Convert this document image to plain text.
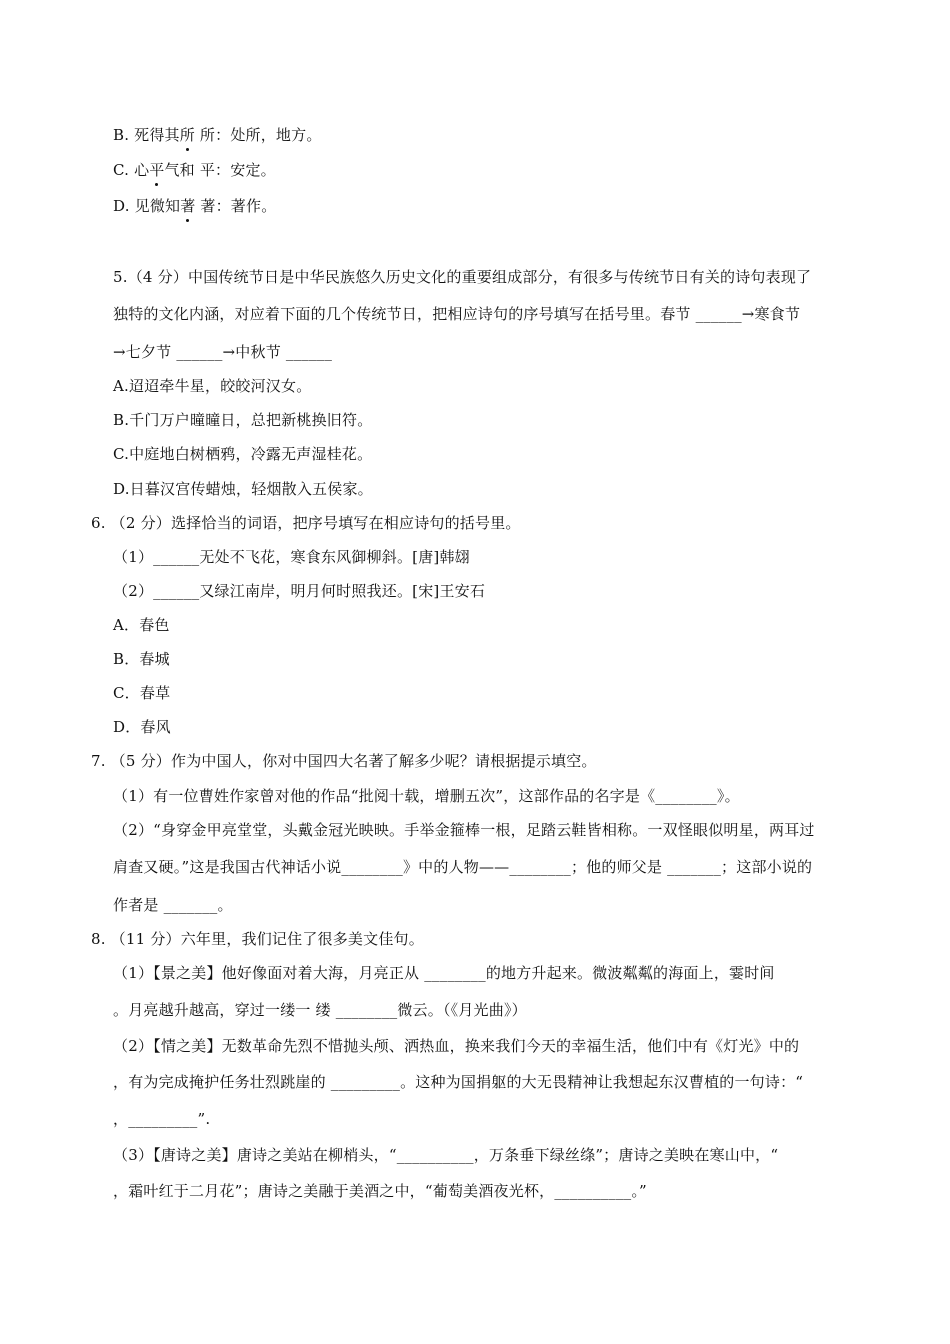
B. 死得其所 所：处所，地方。
C. 心平气和 平：安定。
D. 见微知著 著：著作。
5.（4 分）中国传统节日是中华民族悠久历史文化的重要组成部分，有很多与传统节日有关的诗句表现了
独特的文化内涵，对应着下面的几个传统节日，把相应诗句的序号填写在括号里。春节 ______→寒食节
→七夕节 ______→中秋节 ______
A.迢迢牵牛星，皎皎河汉女。
B.千门万户曈曈日，总把新桃换旧符。
C.中庭地白树栖鸦，冷露无声湿桂花。
D.日暮汉宫传蜡烛，轻烟散入五侯家。
6. （2 分）选择恰当的词语，把序号填写在相应诗句的括号里。
（1）______无处不飞花，寒食东风御柳斜。[唐]韩翃
（2）______又绿江南岸，明月何时照我还。[宋]王安石
A．春色
B．春城
C．春草
D．春风
7. （5 分）作为中国人，你对中国四大名著了解多少呢？请根据提示填空。
（1）有一位曹姓作家曾对他的作品“批阅十载，增删五次”，这部作品的名字是《________》。
（2）“身穿金甲亮堂堂，头戴金冠光映映。手举金箍棒一根，足踏云鞋皆相称。一双怪眼似明星，两耳过
肩查又硬。”这是我国古代神话小说________》中的人物——________；他的师父是 _______；这部小说的
作者是 _______。
8. （11 分）六年里，我们记住了很多美文佳句。
（1）【景之美】他好像面对着大海，月亮正从 ________的地方升起来。微波粼粼的海面上，霎时间
。月亮越升越高，穿过一缕一 缕 ________微云。（《月光曲》）
（2）【情之美】无数革命先烈不惜抛头颅、洒热血，换来我们今天的幸福生活，他们中有《灯光》中的
，有为完成掩护任务壮烈跳崖的 _________。这种为国捐躯的大无畏精神让我想起东汉曹植的一句诗：“
，_________”.
（3）【唐诗之美】唐诗之美站在柳梢头，“__________，万条垂下绿丝绦”；唐诗之美映在寒山中，“
，霜叶红于二月花”；唐诗之美融于美酒之中，“葡萄美酒夜光杯，__________。”
